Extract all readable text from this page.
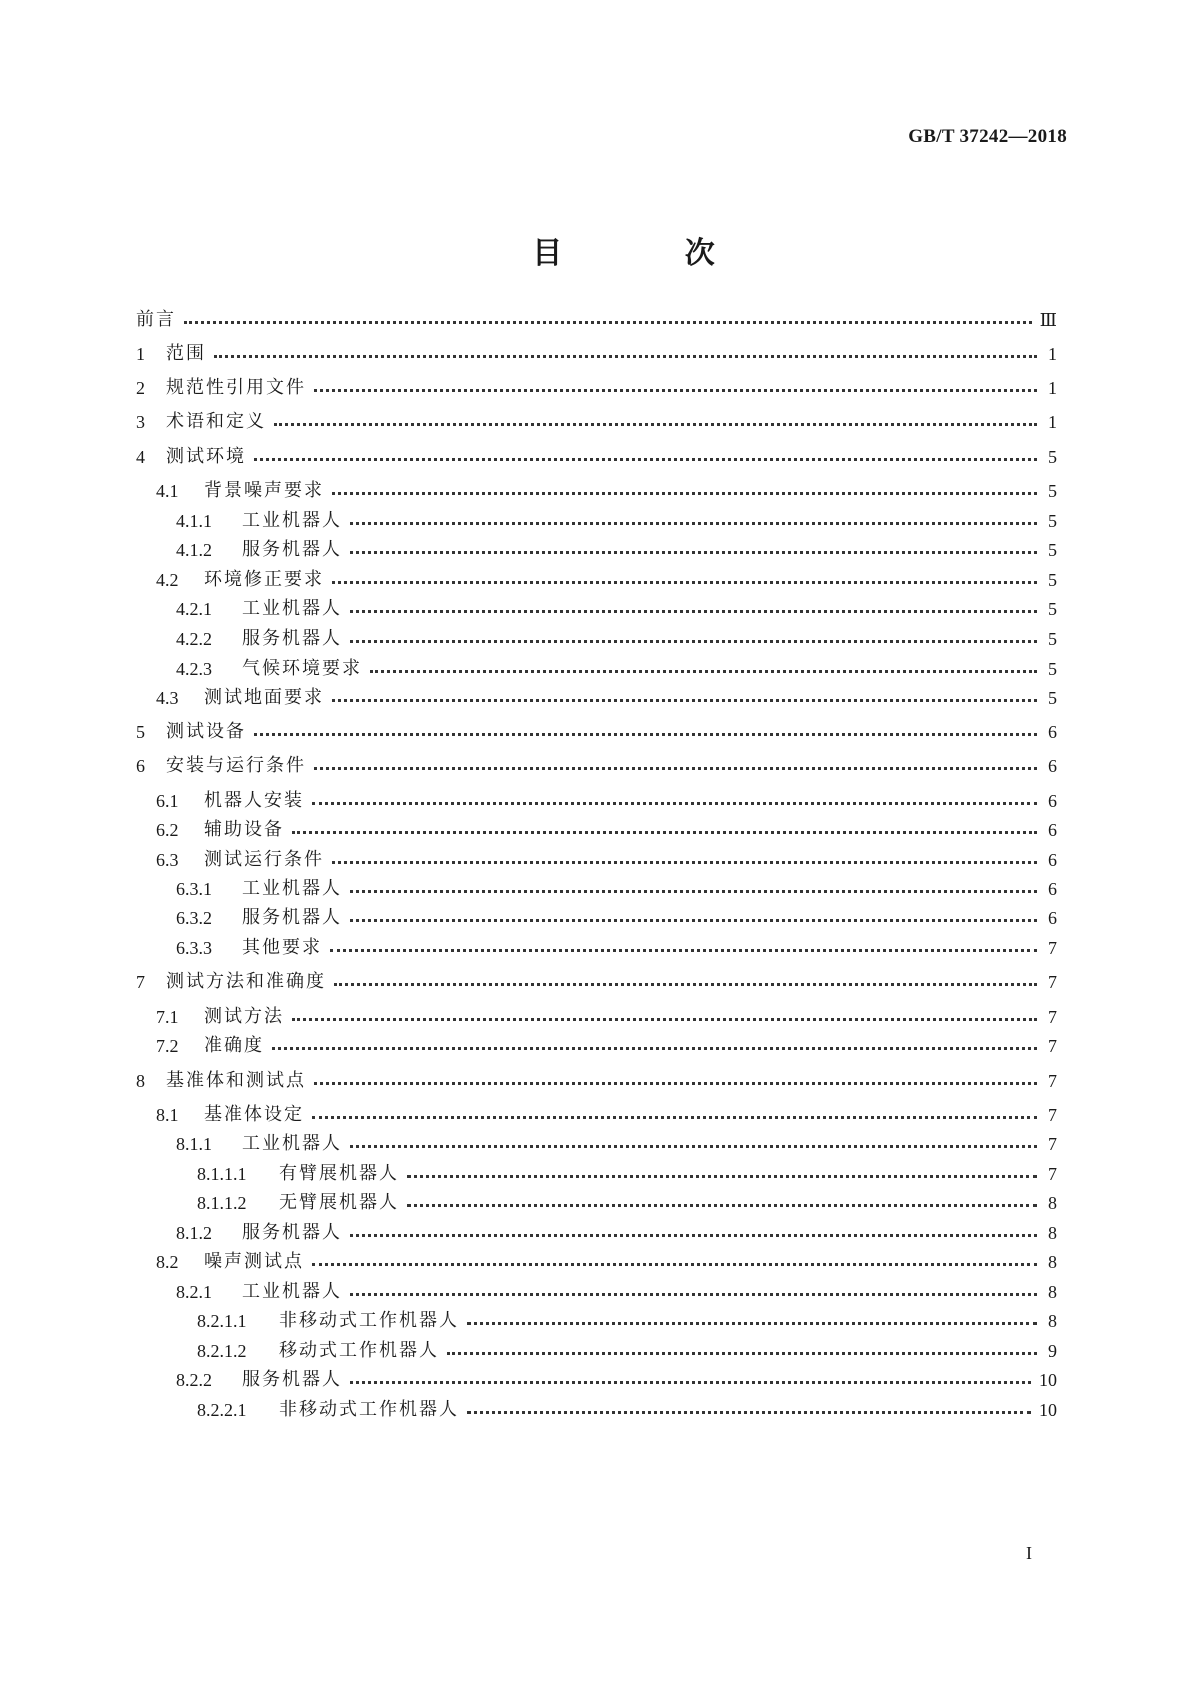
GB/T 37242—2018
目 次
前言	Ⅲ
1	范围	1
2	规范性引用文件	1
3	术语和定义	1
4	测试环境	5
4.1	背景噪声要求	5
4.1.1	工业机器人	5
4.1.2	服务机器人	5
4.2	环境修正要求	5
4.2.1	工业机器人	5
4.2.2	服务机器人	5
4.2.3	气候环境要求	5
4.3	测试地面要求	5
5	测试设备	6
6	安装与运行条件	6
6.1	机器人安装	6
6.2	辅助设备	6
6.3	测试运行条件	6
6.3.1	工业机器人	6
6.3.2	服务机器人	6
6.3.3	其他要求	7
7	测试方法和准确度	7
7.1	测试方法	7
7.2	准确度	7
8	基准体和测试点	7
8.1	基准体设定	7
8.1.1	工业机器人	7
8.1.1.1	有臂展机器人	7
8.1.1.2	无臂展机器人	8
8.1.2	服务机器人	8
8.2	噪声测试点	8
8.2.1	工业机器人	8
8.2.1.1	非移动式工作机器人	8
8.2.1.2	移动式工作机器人	9
8.2.2	服务机器人	10
8.2.2.1	非移动式工作机器人	10
I
